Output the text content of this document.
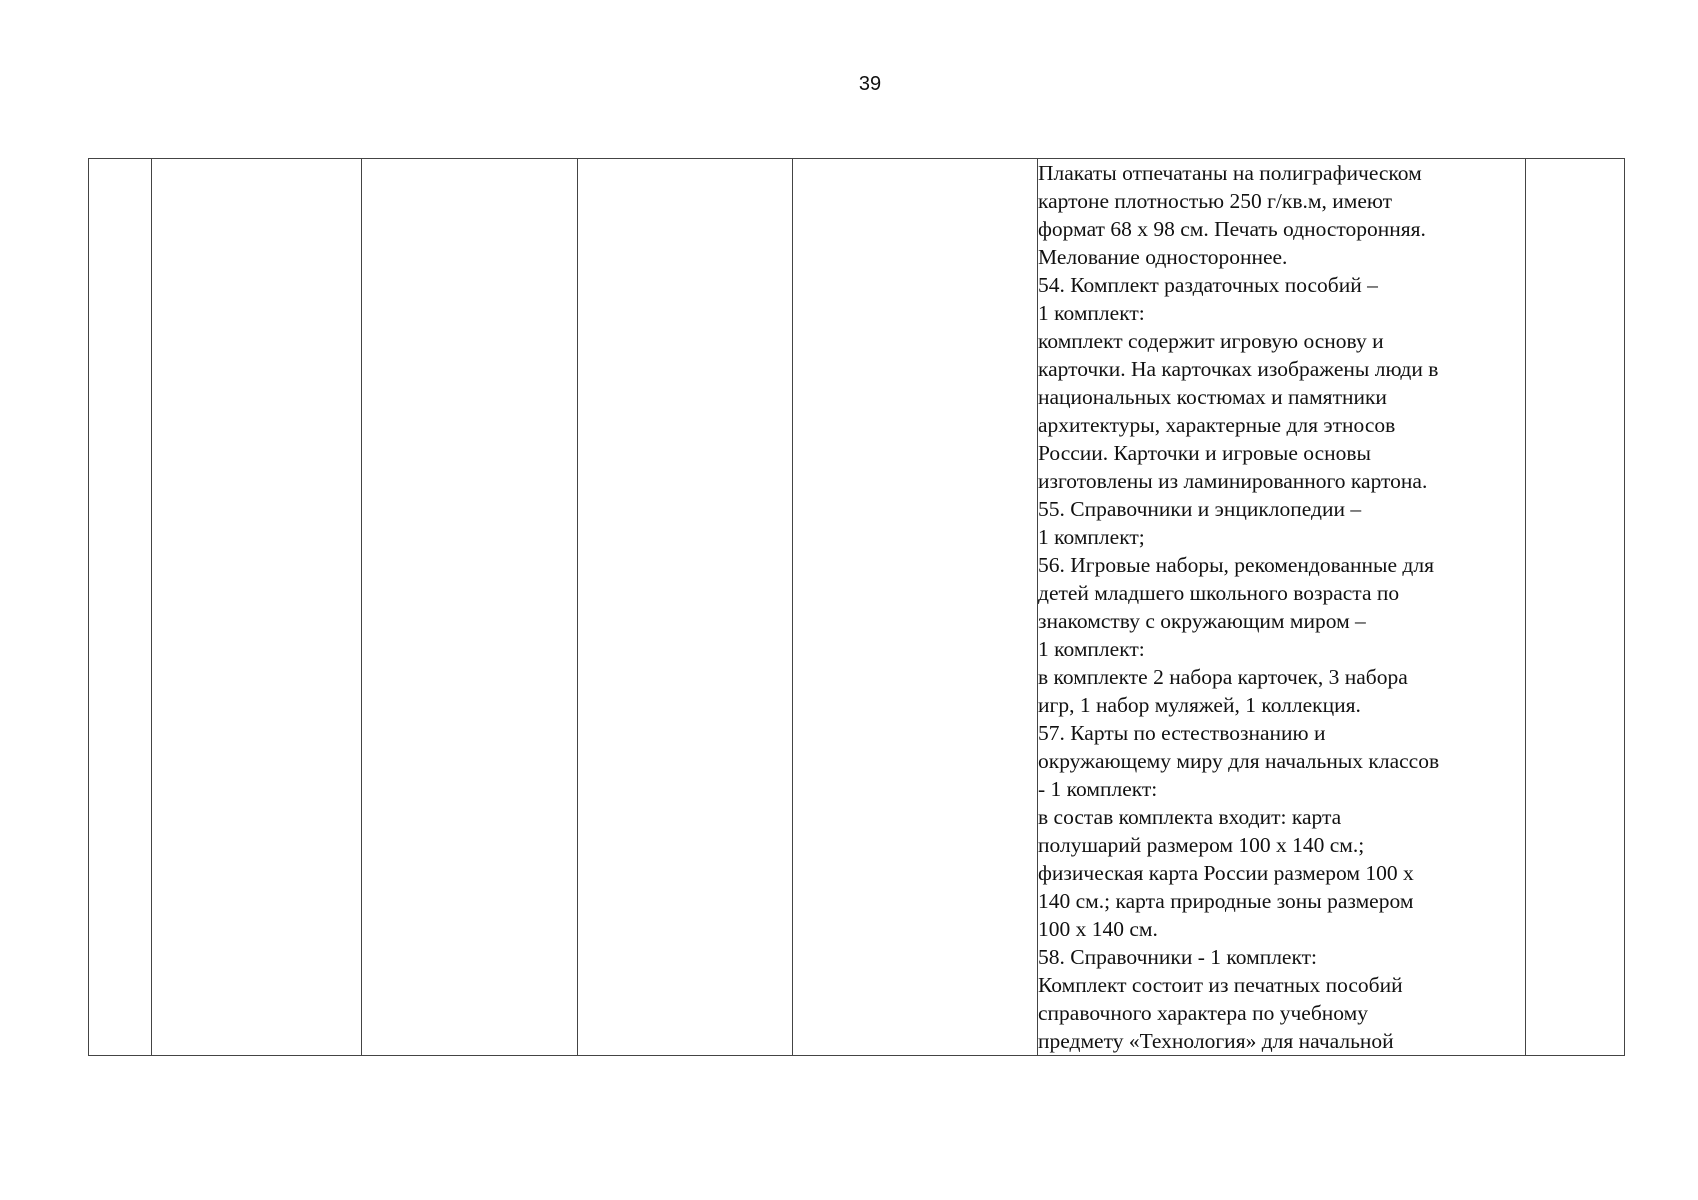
39

Плакаты отпечатаны на полиграфическом
картоне плотностью 250 г/кв.м, имеют
формат 68 х 98 см. Печать односторонняя.
Мелование одностороннее.
54. Комплект раздаточных пособий –
1 комплект:
комплект содержит игровую основу и
карточки. На карточках изображены люди в
национальных костюмах и памятники
архитектуры, характерные для этносов
России. Карточки и игровые основы
изготовлены из ламинированного картона.
55. Справочники и энциклопедии –
1 комплект;
56. Игровые наборы, рекомендованные для
детей младшего школьного возраста по
знакомству с окружающим миром –
1 комплект:
в комплекте 2 набора карточек, 3 набора
игр, 1 набор муляжей, 1 коллекция.
57. Карты по естествознанию и
окружающему миру для начальных классов
- 1 комплект:
в состав комплекта входит: карта
полушарий размером 100 х 140 см.;
физическая карта России размером 100 х
140 см.; карта природные зоны размером
100 х 140 см.
58. Справочники - 1 комплект:
Комплект состоит из печатных пособий
справочного характера по учебному
предмету «Технология» для начальной
